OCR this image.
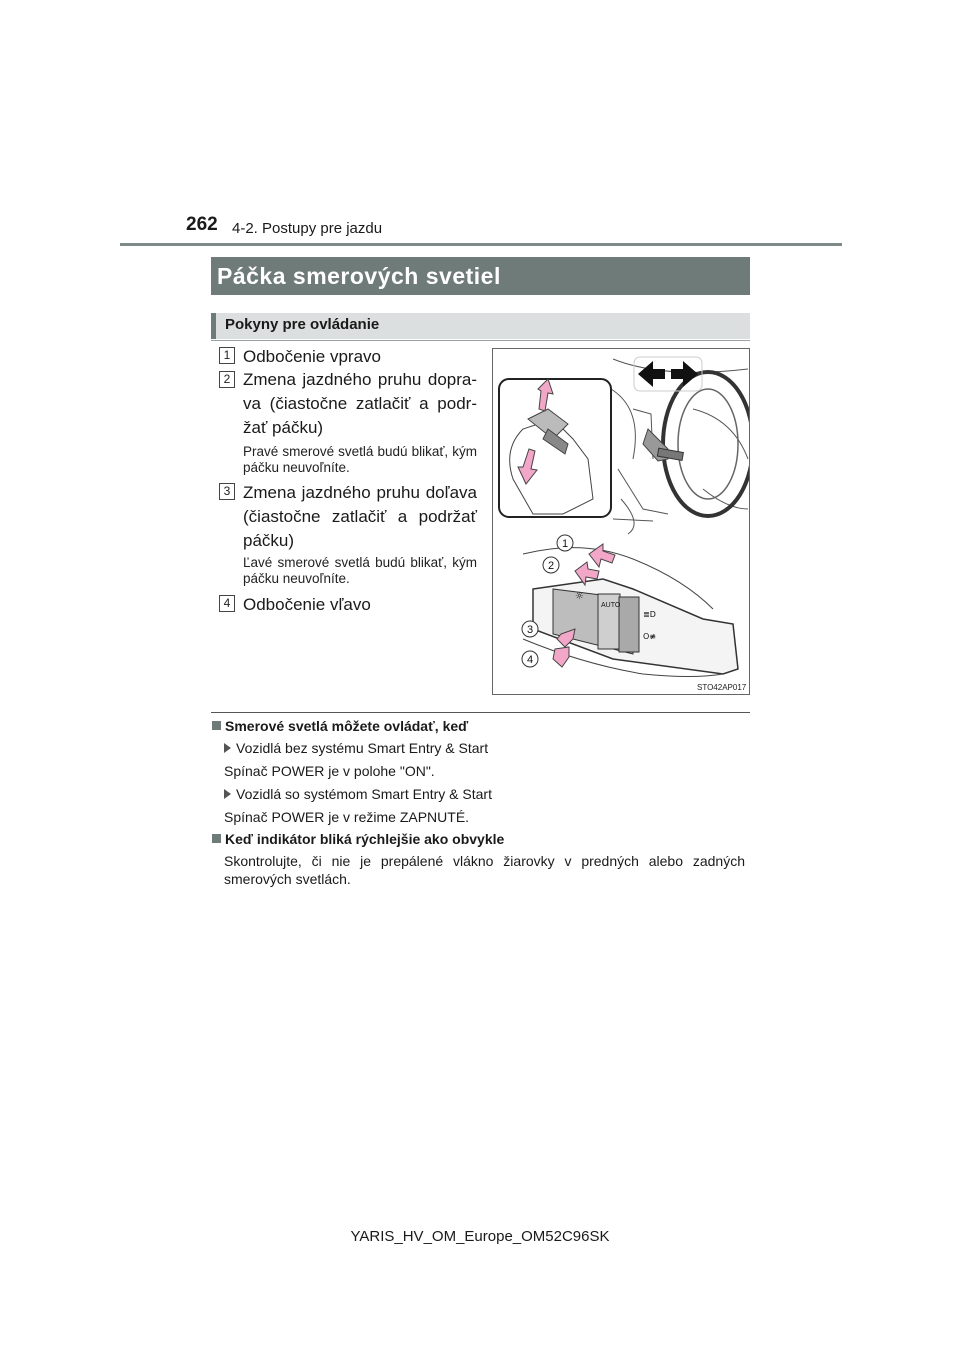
262 4-2. Postupy pre jazdu
Páčka smerových svetiel
Pokyny pre ovládanie
1 Odbočenie vpravo
2 Zmena jazdného pruhu dopra-va (čiastočne zatlačiť a podr-žať páčku)
Pravé smerové svetlá budú blikať, kým páčku neuvoľníte.
3 Zmena jazdného pruhu doľava (čiastočne zatlačiť a podržať páčku)
Ľavé smerové svetlá budú blikať, kým páčku neuvoľníte.
4 Odbočenie vľavo	AUTO
☼
≣D
O≢
1
2
3
4
STO42AP017
Smerové svetlá môžete ovládať, keď
Vozidlá bez systému Smart Entry & Start
Spínač POWER je v polohe "ON".
Vozidlá so systémom Smart Entry & Start
Spínač POWER je v režime ZAPNUTÉ.
Keď indikátor bliká rýchlejšie ako obvykle
Skontrolujte, či nie je prepálené vlákno žiarovky v predných alebo zadných smerových svetlách.
YARIS_HV_OM_Europe_OM52C96SK
